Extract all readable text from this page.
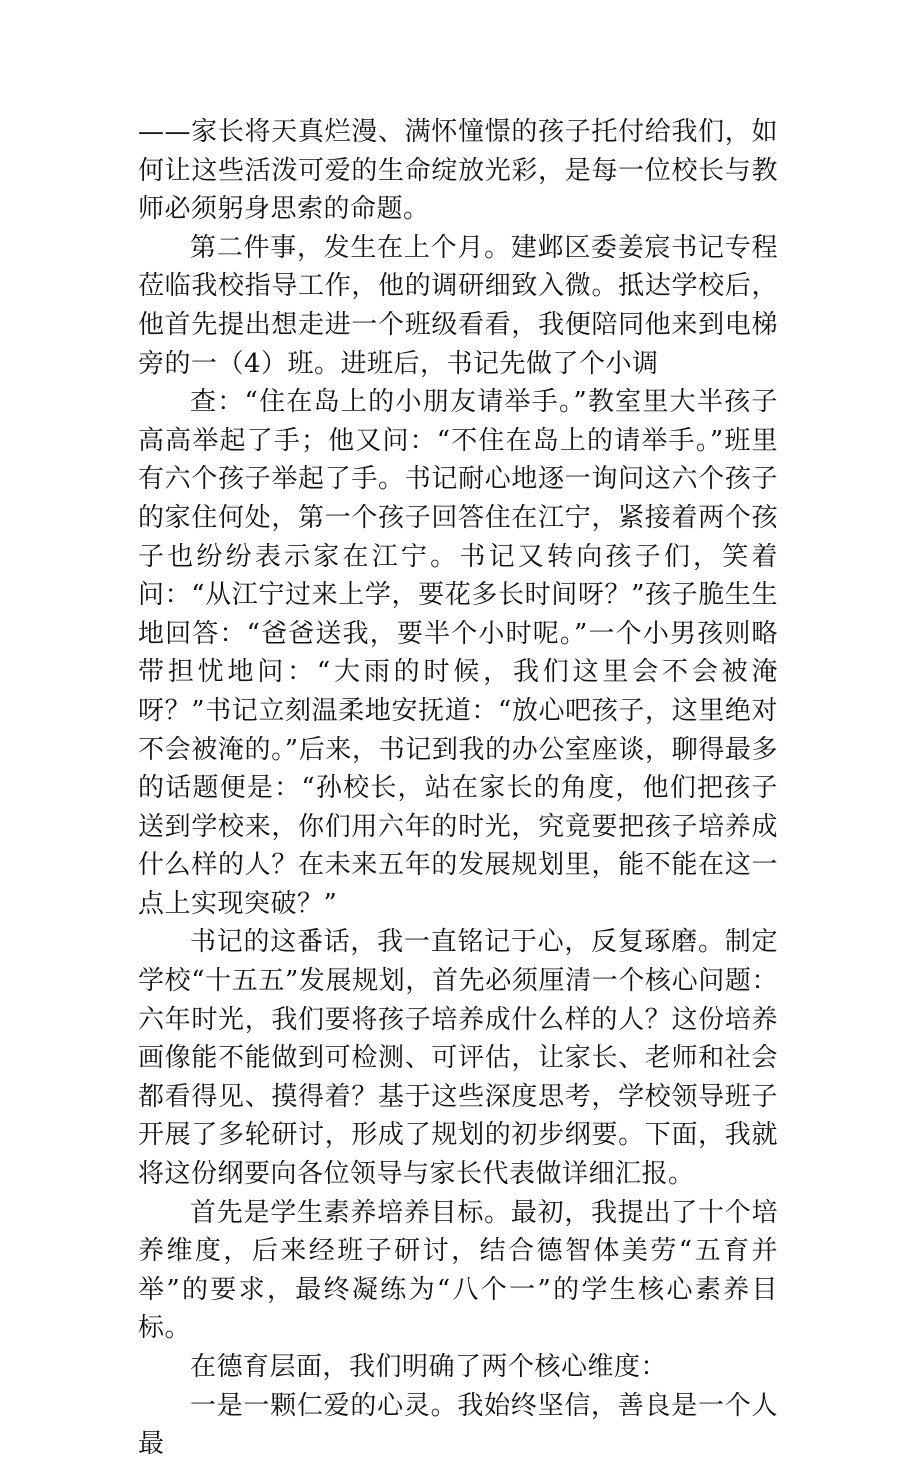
——家长将天真烂漫、满怀憧憬的孩子托付给我们，如何让这些活泼可爱的生命绽放光彩，是每一位校长与教师必须躬身思索的命题。

第二件事，发生在上个月。建邺区委姜宸书记专程莅临我校指导工作，他的调研细致入微。抵达学校后，他首先提出想走进一个班级看看，我便陪同他来到电梯旁的一（4）班。进班后，书记先做了个小调

查：“住在岛上的小朋友请举手。”教室里大半孩子高高举起了手；他又问：“不住在岛上的请举手。”班里有六个孩子举起了手。书记耐心地逐一询问这六个孩子的家住何处，第一个孩子回答住在江宁，紧接着两个孩子也纷纷表示家在江宁。书记又转向孩子们，笑着问：“从江宁过来上学，要花多长时间呀？”孩子脆生生地回答：“爸爸送我，要半个小时呢。”一个小男孩则略带担忧地问：“大雨的时候，我们这里会不会被淹呀？”书记立刻温柔地安抚道：“放心吧孩子，这里绝对不会被淹的。”后来，书记到我的办公室座谈，聊得最多的话题便是：“孙校长，站在家长的角度，他们把孩子送到学校来，你们用六年的时光，究竟要把孩子培养成什么样的人？在未来五年的发展规划里，能不能在这一点上实现突破？”

书记的这番话，我一直铭记于心，反复琢磨。制定学校“十五五”发展规划，首先必须厘清一个核心问题：六年时光，我们要将孩子培养成什么样的人？这份培养画像能不能做到可检测、可评估，让家长、老师和社会都看得见、摸得着？基于这些深度思考，学校领导班子开展了多轮研讨，形成了规划的初步纲要。下面，我就将这份纲要向各位领导与家长代表做详细汇报。

首先是学生素养培养目标。最初，我提出了十个培养维度，后来经班子研讨，结合德智体美劳“五育并举”的要求，最终凝练为“八个一”的学生核心素养目标。

在德育层面，我们明确了两个核心维度：

一是一颗仁爱的心灵。我始终坚信，善良是一个人最
